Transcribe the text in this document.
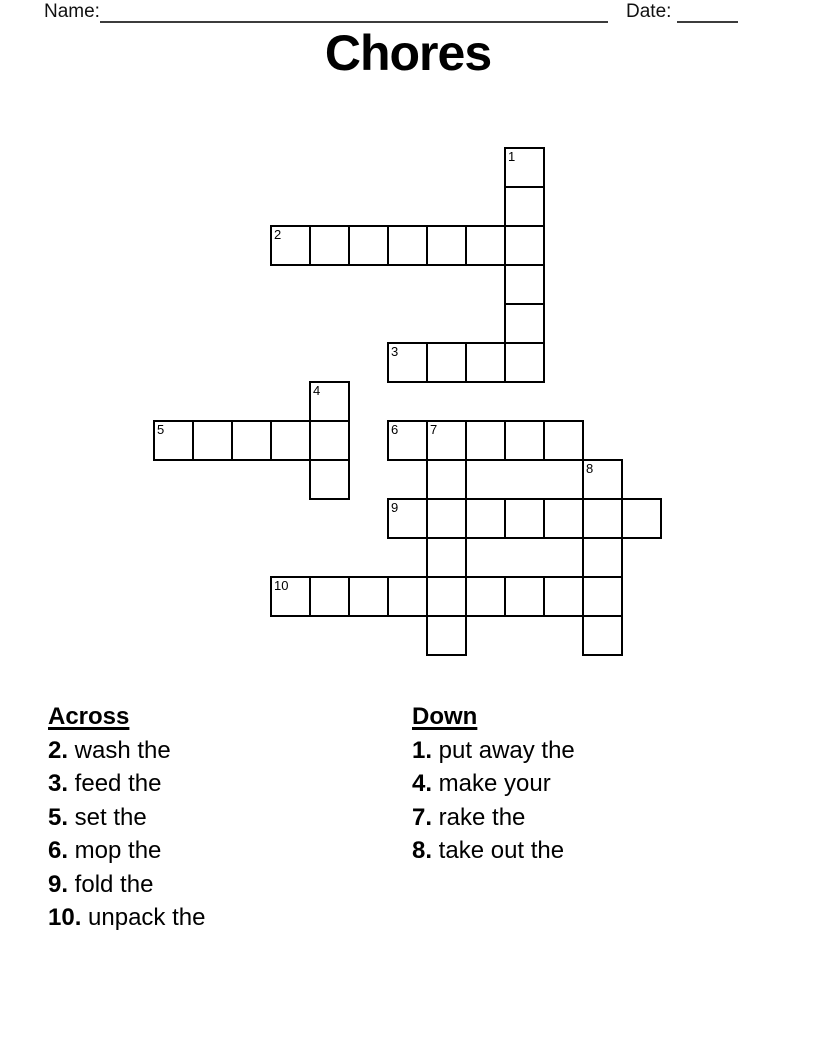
Name:	Date:
Chores
1
2
3
4
5	6 7
8
9
10
Across
2. wash the
3. feed the
5. set the
6. mop the
9. fold the
10. unpack the
Down
1. put away the
4. make your
7. rake the
8. take out the
